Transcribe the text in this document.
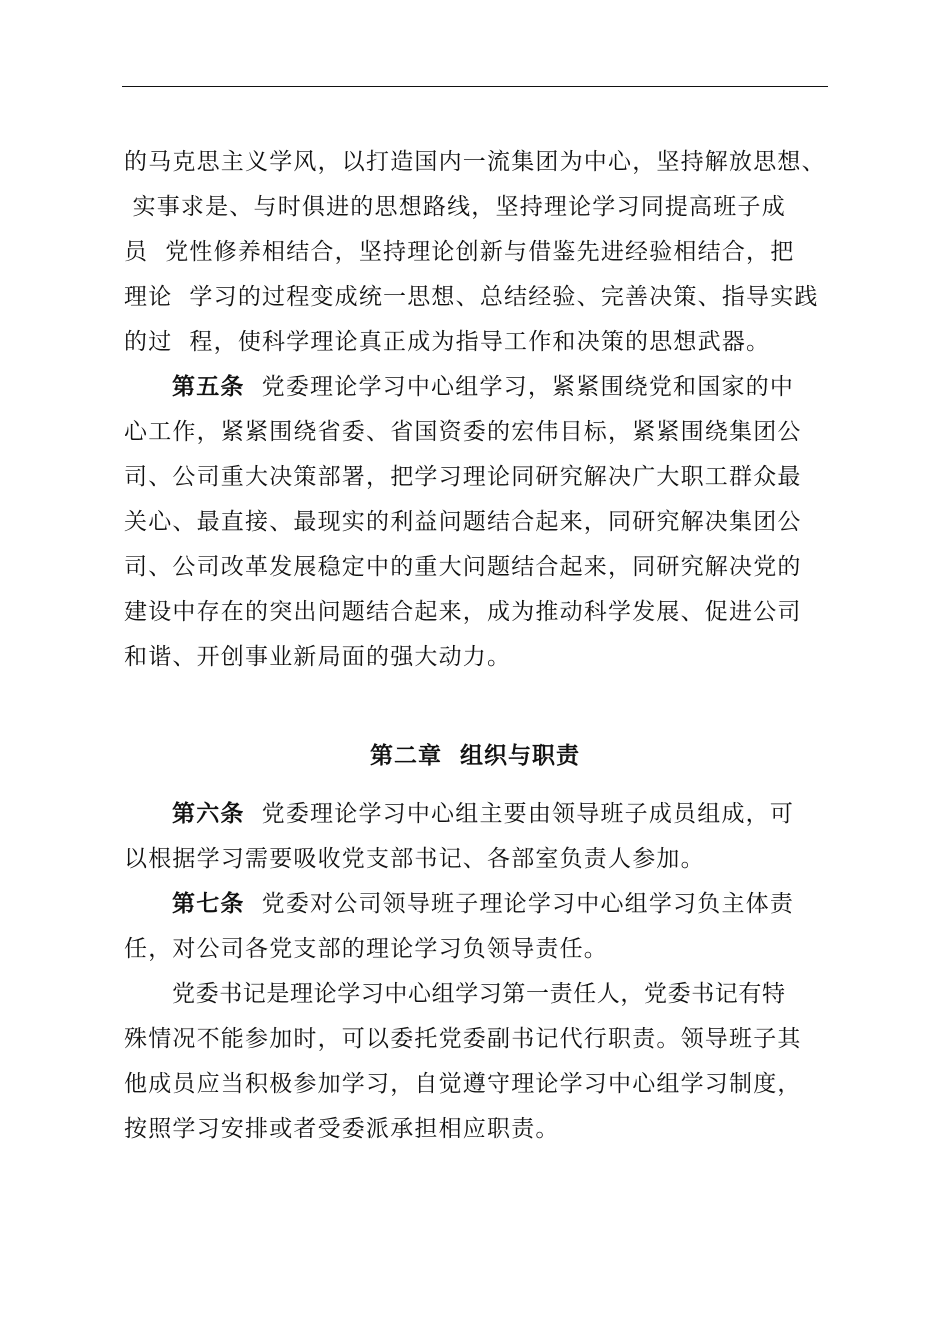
的马克思主义学风，以打造国内一流集团为中心，坚持解放思想、
实事求是、与时俱进的思想路线，坚持理论学习同提高班子成
员  党性修养相结合，坚持理论创新与借鉴先进经验相结合，把
理论  学习的过程变成统一思想、总结经验、完善决策、指导实践
的过  程，使科学理论真正成为指导工作和决策的思想武器。
第五条 党委理论学习中心组学习，紧紧围绕党和国家的中
心工作，紧紧围绕省委、省国资委的宏伟目标，紧紧围绕集团公
司、公司重大决策部署，把学习理论同研究解决广大职工群众最
关心、最直接、最现实的利益问题结合起来，同研究解决集团公
司、公司改革发展稳定中的重大问题结合起来，同研究解决党的
建设中存在的突出问题结合起来，成为推动科学发展、促进公司
和谐、开创事业新局面的强大动力。
第二章  组织与职责
第六条 党委理论学习中心组主要由领导班子成员组成，可
以根据学习需要吸收党支部书记、各部室负责人参加。
第七条 党委对公司领导班子理论学习中心组学习负主体责
任，对公司各党支部的理论学习负领导责任。
党委书记是理论学习中心组学习第一责任人，党委书记有特
殊情况不能参加时，可以委托党委副书记代行职责。领导班子其
他成员应当积极参加学习，自觉遵守理论学习中心组学习制度，
按照学习安排或者受委派承担相应职责。
